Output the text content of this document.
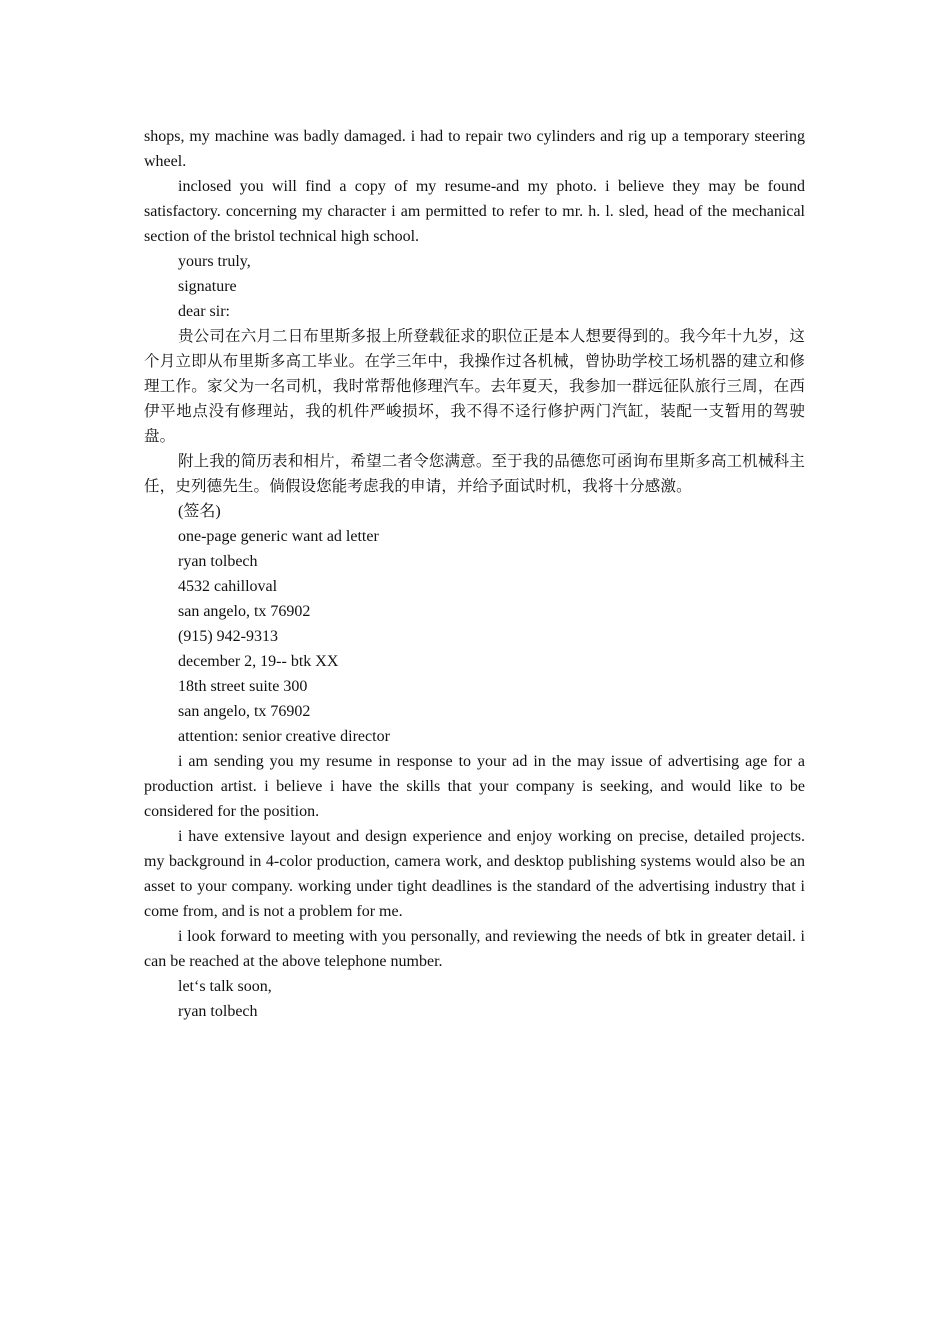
shops, my machine was badly damaged. i had to repair two cylinders and rig up a temporary steering wheel.

inclosed you will find a copy of my resume-and my photo. i believe they may be found satisfactory. concerning my character i am permitted to refer to mr. h. l. sled, head of the mechanical section of the bristol technical high school.

yours truly,

signature

dear sir:

贵公司在六月二日布里斯多报上所登载征求的职位正是本人想要得到的。我今年十九岁，这个月立即从布里斯多高工毕业。在学三年中，我操作过各机械，曾协助学校工场机器的建立和修理工作。家父为一名司机，我时常帮他修理汽车。去年夏天，我参加一群远征队旅行三周，在西伊平地点没有修理站，我的机件严峻损坏，我不得不迳行修护两门汽缸，装配一支暂用的驾驶盘。

附上我的简历表和相片，希望二者令您满意。至于我的品德您可函询布里斯多高工机械科主任，史列德先生。倘假设您能考虑我的申请，并给予面试时机，我将十分感激。

(签名)

one-page generic want ad letter

ryan tolbech

4532 cahilloval

san angelo, tx 76902

(915) 942-9313

december 2, 19-- btk XX

18th street suite 300

san angelo, tx 76902

attention: senior creative director

i am sending you my resume in response to your ad in the may issue of advertising age for a production artist. i believe i have the skills that your company is seeking, and would like to be considered for the position.

i have extensive layout and design experience and enjoy working on precise, detailed projects. my background in 4-color production, camera work, and desktop publishing systems would also be an asset to your company. working under tight deadlines is the standard of the advertising industry that i come from, and is not a problem for me.

i look forward to meeting with you personally, and reviewing the needs of btk in greater detail. i can be reached at the above telephone number.

let‘s talk soon,

ryan tolbech
